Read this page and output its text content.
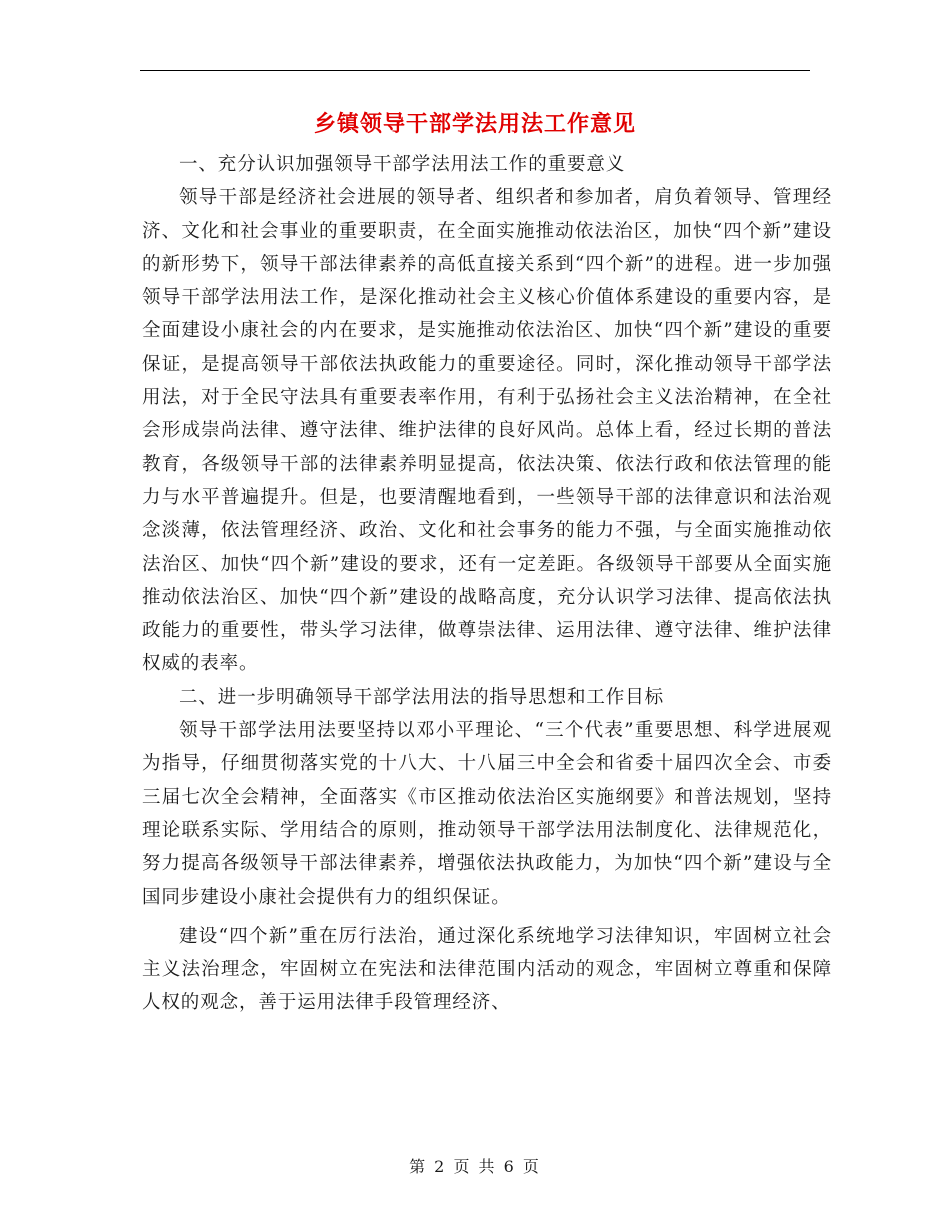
乡镇领导干部学法用法工作意见

一、充分认识加强领导干部学法用法工作的重要意义

领导干部是经济社会进展的领导者、组织者和参加者，肩负着领导、管理经济、文化和社会事业的重要职责，在全面实施推动依法治区，加快“四个新”建设的新形势下，领导干部法律素养的高低直接关系到“四个新”的进程。进一步加强领导干部学法用法工作，是深化推动社会主义核心价值体系建设的重要内容，是全面建设小康社会的内在要求，是实施推动依法治区、加快“四个新”建设的重要保证，是提高领导干部依法执政能力的重要途径。同时，深化推动领导干部学法用法，对于全民守法具有重要表率作用，有利于弘扬社会主义法治精神，在全社会形成崇尚法律、遵守法律、维护法律的良好风尚。总体上看，经过长期的普法教育，各级领导干部的法律素养明显提高，依法决策、依法行政和依法管理的能力与水平普遍提升。但是，也要清醒地看到，一些领导干部的法律意识和法治观念淡薄，依法管理经济、政治、文化和社会事务的能力不强，与全面实施推动依法治区、加快“四个新”建设的要求，还有一定差距。各级领导干部要从全面实施推动依法治区、加快“四个新”建设的战略高度，充分认识学习法律、提高依法执政能力的重要性，带头学习法律，做尊崇法律、运用法律、遵守法律、维护法律权威的表率。

二、进一步明确领导干部学法用法的指导思想和工作目标

领导干部学法用法要坚持以邓小平理论、“三个代表”重要思想、科学进展观为指导，仔细贯彻落实党的十八大、十八届三中全会和省委十届四次全会、市委三届七次全会精神，全面落实《市区推动依法治区实施纲要》和普法规划，坚持理论联系实际、学用结合的原则，推动领导干部学法用法制度化、法律规范化，努力提高各级领导干部法律素养，增强依法执政能力，为加快“四个新”建设与全国同步建设小康社会提供有力的组织保证。

建设“四个新”重在厉行法治，通过深化系统地学习法律知识，牢固树立社会主义法治理念，牢固树立在宪法和法律范围内活动的观念，牢固树立尊重和保障人权的观念，善于运用法律手段管理经济、

第 2 页 共 6 页
